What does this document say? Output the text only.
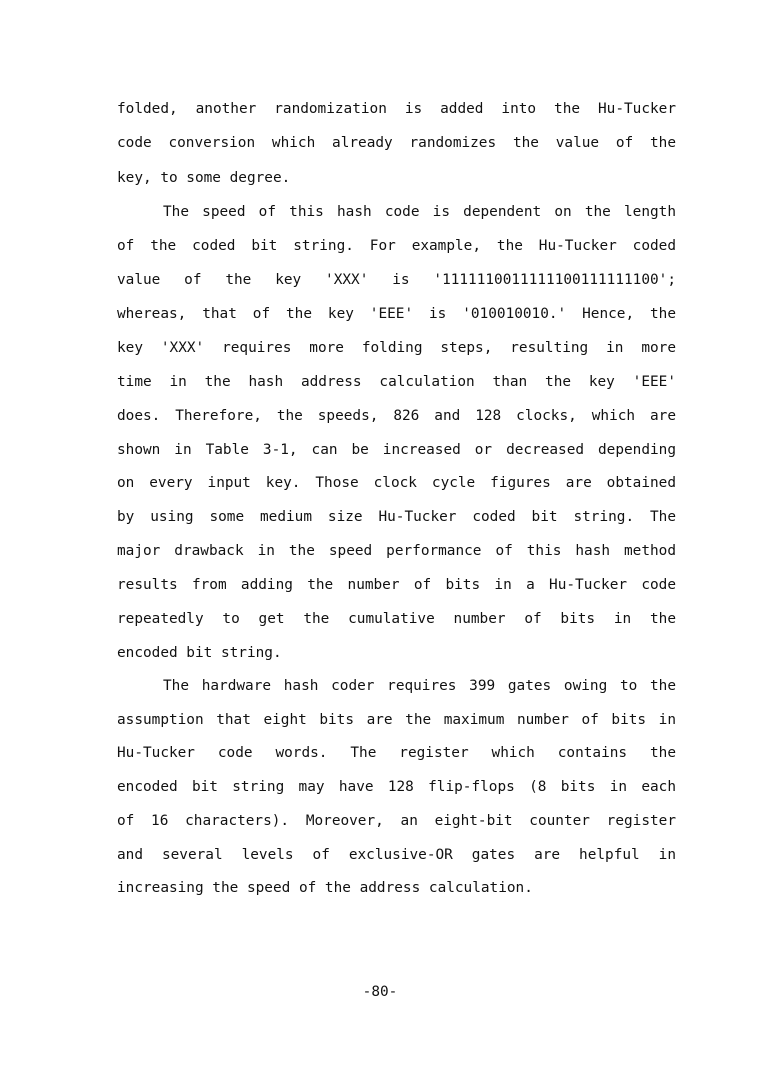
folded, another randomization is added into the Hu-Tucker
code conversion which already randomizes the value of the
key, to some degree.
The speed of this hash code is dependent on the length
of the coded bit string. For example, the Hu-Tucker coded
value of the key 'XXX' is '1111110011111100111111100';
whereas, that of the key 'EEE' is '010010010.' Hence, the
key 'XXX' requires more folding steps, resulting in more
time in the hash address calculation than the key 'EEE'
does. Therefore, the speeds, 826 and 128 clocks, which are
shown in Table 3-1, can be increased or decreased depending
on every input key. Those clock cycle figures are obtained
by using some medium size Hu-Tucker coded bit string. The
major drawback in the speed performance of this hash method
results from adding the number of bits in a Hu-Tucker code
repeatedly to get the cumulative number of bits in the
encoded bit string.
The hardware hash coder requires 399 gates owing to the
assumption that eight bits are the maximum number of bits in
Hu-Tucker code words. The register which contains the
encoded bit string may have 128 flip-flops (8 bits in each
of 16 characters). Moreover, an eight-bit counter register
and several levels of exclusive-OR gates are helpful in
increasing the speed of the address calculation.
-80-
